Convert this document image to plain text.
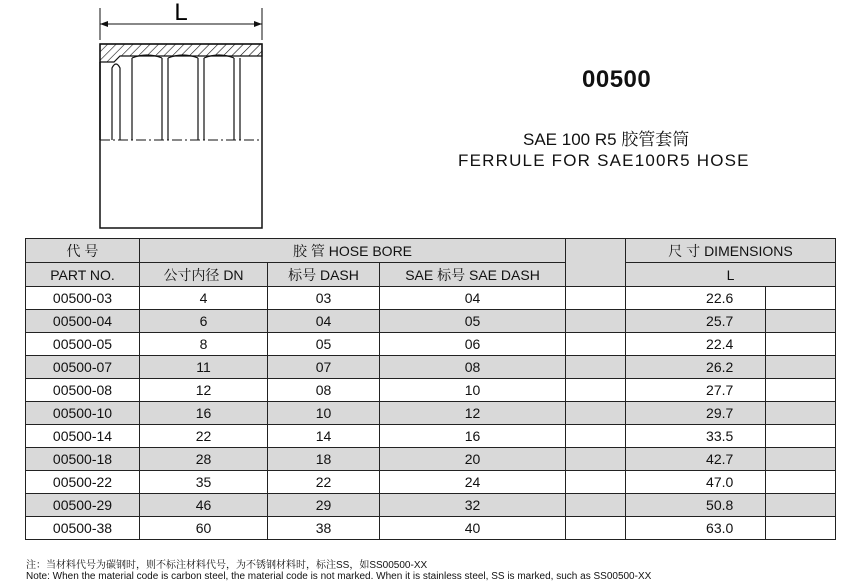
L
00500
SAE 100 R5 胶管套筒
FERRULE FOR SAE100R5 HOSE
代 号	胶 管 HOSE BORE				尺 寸 DIMENSIONS	
PART NO.	公寸内径 DN	标号 DASH	SAE 标号 SAE DASH		L	
00500-03	4	03	04		22.6	
00500-04	6	04	05		25.7	
00500-05	8	05	06		22.4	
00500-07	11	07	08		26.2	
00500-08	12	08	10		27.7	
00500-10	16	10	12		29.7	
00500-14	22	14	16		33.5	
00500-18	28	18	20		42.7	
00500-22	35	22	24		47.0	
00500-29	46	29	32		50.8	
00500-38	60	38	40		63.0	
注：当材料代号为碳钢时，则不标注材料代号，为不锈钢材料时，标注SS，如SS00500-XX
Note: When the material code is carbon steel, the material code is not marked. When it is stainless steel, SS is marked, such as SS00500-XX
